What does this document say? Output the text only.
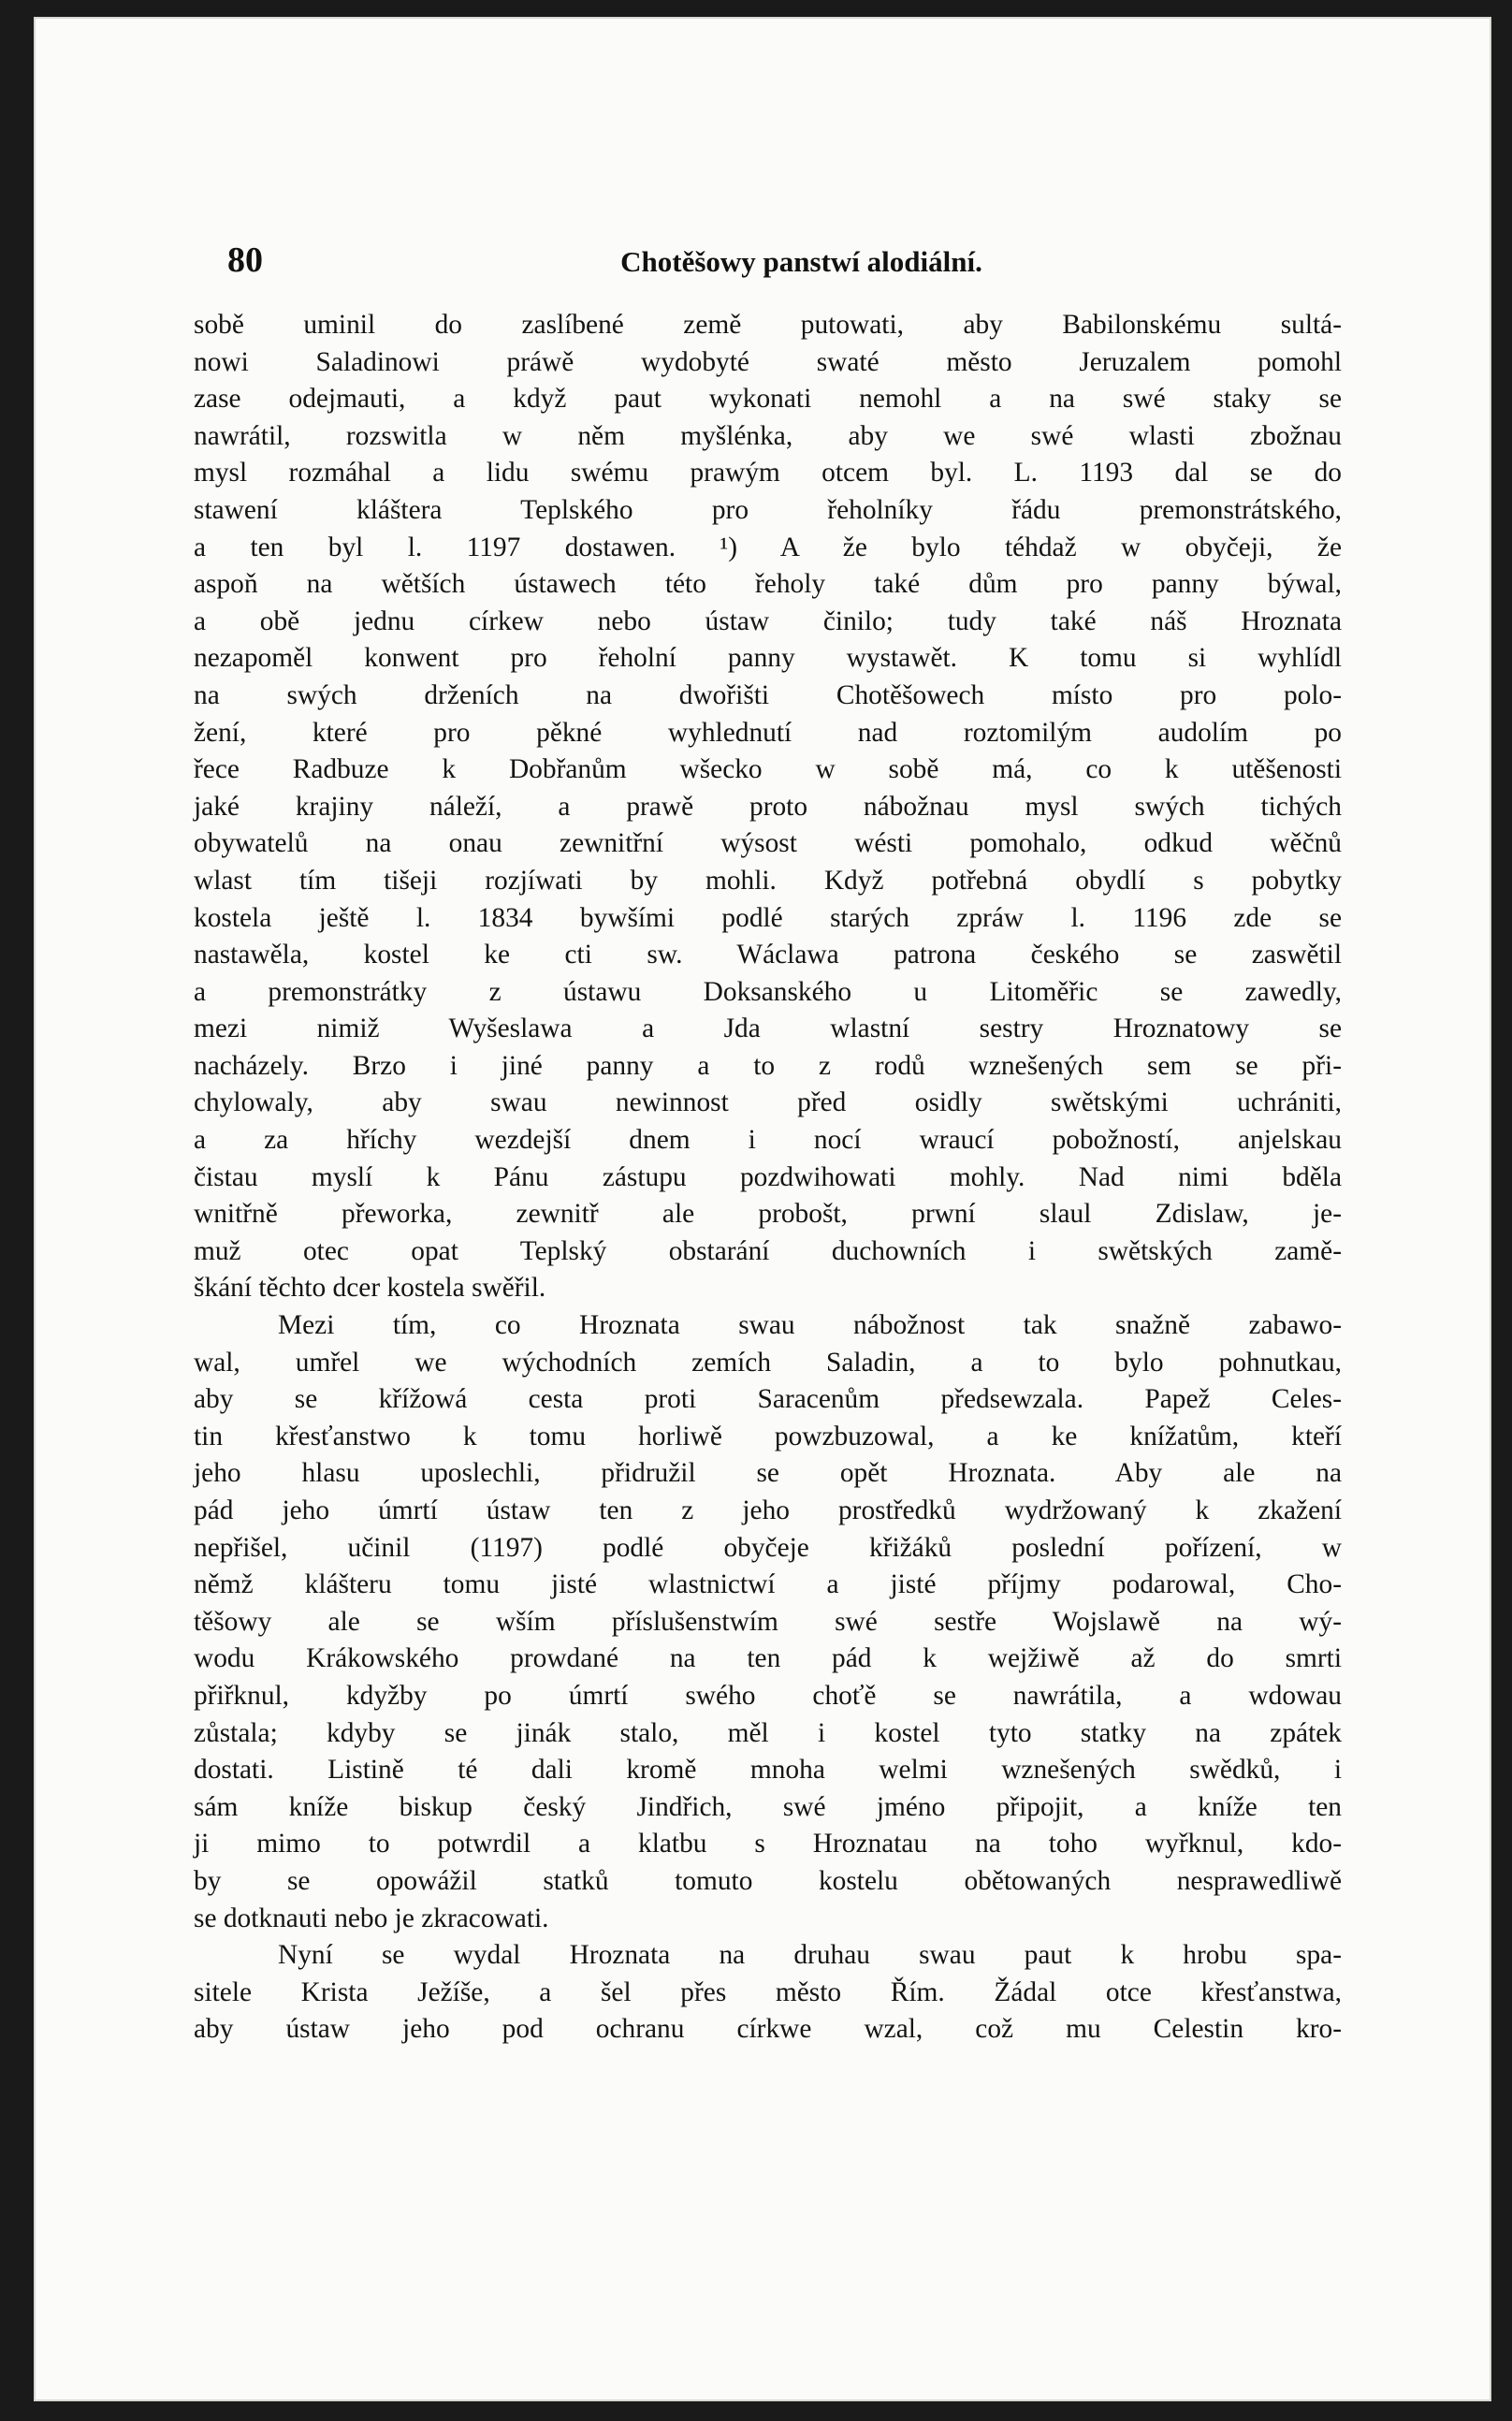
80	Chotěšowy panstwí alodiální.

sobě uminil do zaslíbené země putowati, aby Babilonskému sultá-

nowi Saladinowi práwě wydobyté swaté město Jeruzalem pomohl

zase odejmauti, a když paut wykonati nemohl a na swé staky se

nawrátil, rozswitla w něm myšlénka, aby we swé wlasti zbožnau

mysl rozmáhal a lidu swému prawým otcem byl. L. 1193 dal se do

stawení kláštera Teplského pro řeholníky řádu premonstrátského,

a ten byl l. 1197 dostawen. ¹) A že bylo téhdaž w obyčeji, že

aspoň na wětších ústawech této řeholy také dům pro panny býwal,

a obě jednu církew nebo ústaw činilo; tudy také náš Hroznata

nezapoměl konwent pro řeholní panny wystawět. K tomu si wyhlídl

na swých drženích na dwořišti Chotěšowech místo pro polo-

žení, které pro pěkné wyhlednutí nad roztomilým audolím po

řece Radbuze k Dobřanům wšecko w sobě má, co k utěšenosti

jaké krajiny náleží, a prawě proto nábožnau mysl swých tichých

obywatelů na onau zewnitřní wýsost wésti pomohalo, odkud wěčnů

wlast tím tišeji rozjíwati by mohli. Když potřebná obydlí s pobytky

kostela ještě l. 1834 bywšími podlé starých zpráw l. 1196 zde se

nastawěla, kostel ke cti sw. Wáclawa patrona českého se zaswětil

a premonstrátky z ústawu Doksanského u Litoměřic se zawedly,

mezi nimiž Wyšeslawa a Jda wlastní sestry Hroznatowy se

nacházely. Brzo i jiné panny a to z rodů wznešených sem se při-

chylowaly, aby swau newinnost před osidly swětskými uchrániti,

a za hříchy wezdejší dnem i nocí wraucí pobožností, anjelskau

čistau myslí k Pánu zástupu pozdwihowati mohly. Nad nimi bděla

wnitřně přeworka, zewnitř ale probošt, prwní slaul Zdislaw, je-

muž otec opat Teplský obstarání duchowních i swětských zamě-

škání těchto dcer kostela swěřil.

Mezi tím, co Hroznata swau nábožnost tak snažně zabawo-

wal, umřel we wýchodních zemích Saladin, a to bylo pohnutkau,

aby se křížowá cesta proti Saracenům předsewzala. Papež Celes-

tin křesťanstwo k tomu horliwě powzbuzowal, a ke knížatům, kteří

jeho hlasu uposlechli, přidružil se opět Hroznata. Aby ale na

pád jeho úmrtí ústaw ten z jeho prostředků wydržowaný k zkažení

nepřišel, učinil (1197) podlé obyčeje křižáků poslední pořízení, w

němž klášteru tomu jisté wlastnictwí a jisté příjmy podarowal, Cho-

těšowy ale se wším příslušenstwím swé sestře Wojslawě na wý-

wodu Krákowského prowdané na ten pád k wejžiwě až do smrti

přiřknul, kdyžby po úmrtí swého choťě se nawrátila, a wdowau

zůstala; kdyby se jinák stalo, měl i kostel tyto statky na zpátek

dostati. Listině té dali kromě mnoha welmi wznešených swědků, i

sám kníže biskup český Jindřich, swé jméno připojit, a kníže ten

ji mimo to potwrdil a klatbu s Hroznatau na toho wyřknul, kdo-

by se opowážil statků tomuto kostelu obětowaných nesprawedliwě

se dotknauti nebo je zkracowati.

Nyní se wydal Hroznata na druhau swau paut k hrobu spa-

sitele Krista Ježíše, a šel přes město Řím. Žádal otce křesťanstwa,

aby ústaw jeho pod ochranu církwe wzal, což mu Celestin kro-
